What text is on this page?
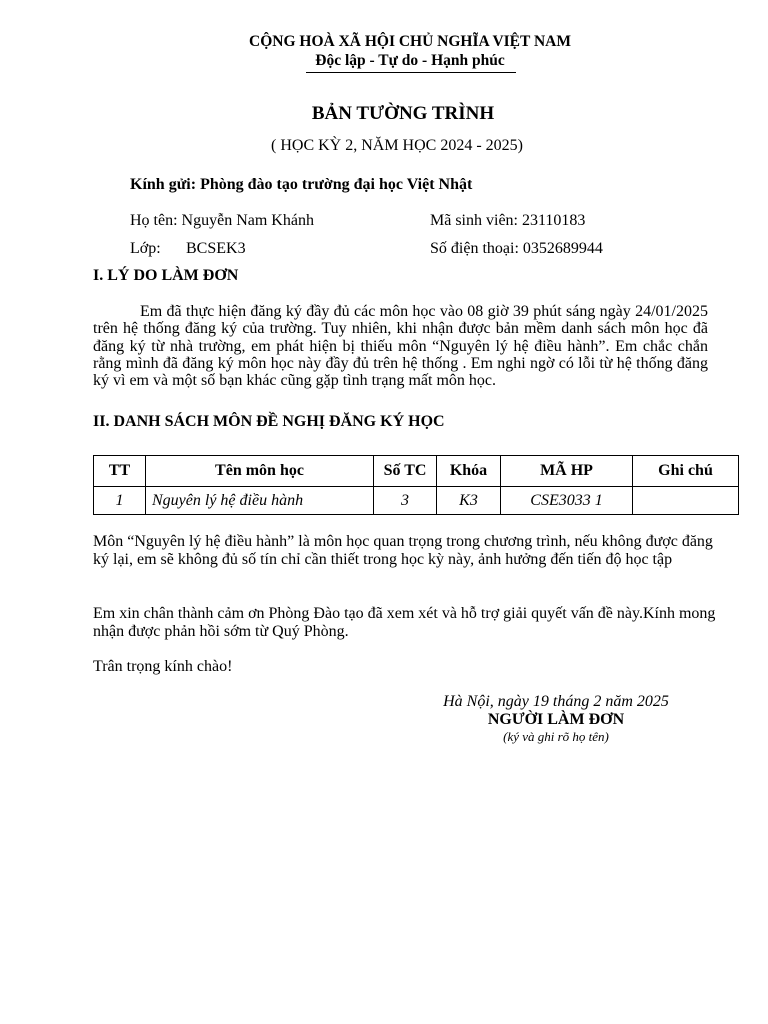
CỘNG HOÀ XÃ HỘI CHỦ NGHĨA VIỆT NAM
Độc lập - Tự do - Hạnh phúc
BẢN TƯỜNG TRÌNH
( HỌC KỲ 2, NĂM HỌC 2024 - 2025)
Kính gửi: Phòng đào tạo trường đại học Việt Nhật
Họ tên: Nguyễn Nam Khánh	Mã sinh viên: 23110183
Lớp: BCSEK3	Số điện thoại: 0352689944
I. LÝ DO LÀM ĐƠN
Em đã thực hiện đăng ký đầy đủ các môn học vào 08 giờ 39 phút sáng ngày 24/01/2025 trên hệ thống đăng ký của trường. Tuy nhiên, khi nhận được bản mềm danh sách môn học đã đăng ký từ nhà trường, em phát hiện bị thiếu môn “Nguyên lý hệ điều hành”. Em chắc chắn rằng mình đã đăng ký môn học này đầy đủ trên hệ thống . Em nghi ngờ có lỗi từ hệ thống đăng ký vì em và một số bạn khác cũng gặp tình trạng mất môn học.
II. DANH SÁCH MÔN ĐỀ NGHỊ ĐĂNG KÝ HỌC
TT	Tên môn học	Số TC	Khóa	MÃ HP	Ghi chú
1	Nguyên lý hệ điều hành	3	K3	CSE3033 1	
Môn “Nguyên lý hệ điều hành” là môn học quan trọng trong chương trình, nếu không được đăng ký lại, em sẽ không đủ số tín chỉ cần thiết trong học kỳ này, ảnh hưởng đến tiến độ học tập
Em xin chân thành cảm ơn Phòng Đào tạo đã xem xét và hỗ trợ giải quyết vấn đề này.Kính mong nhận được phản hồi sớm từ Quý Phòng.
Trân trọng kính chào!
Hà Nội, ngày 19 tháng 2 năm 2025
NGƯỜI LÀM ĐƠN
(ký và ghi rõ họ tên)
